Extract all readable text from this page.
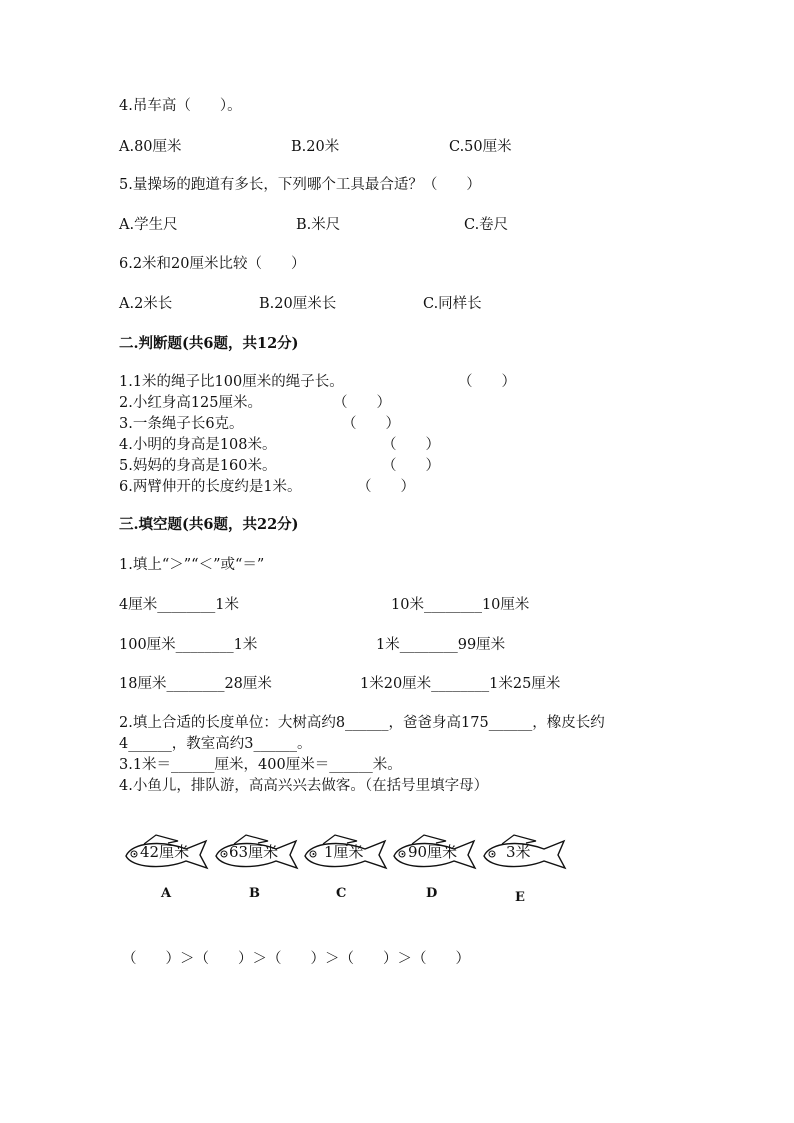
4.吊车高（　　）。
A.80厘米	B.20米	C.50厘米
5.量操场的跑道有多长，下列哪个工具最合适？（　　）
A.学生尺	B.米尺	C.卷尺
6.2米和20厘米比较（　　）
A.2米长	B.20厘米长	C.同样长
二.判断题(共6题，共12分)
1.1米的绳子比100厘米的绳子长。	（　　）
2.小红身高125厘米。	（　　）
3.一条绳子长6克。	（　　）
4.小明的身高是108米。	（　　）
5.妈妈的身高是160米。	（　　）
6.两臂伸开的长度约是1米。	（　　）
三.填空题(共6题，共22分)
1.填上“＞”“＜”或“＝”
4厘米________1米	10米________10厘米
100厘米________1米	1米________99厘米
18厘米________28厘米	1米20厘米________1米25厘米
2.填上合适的长度单位：大树高约8______，爸爸身高175______，橡皮长约
4______，教室高约3______。
3.1米＝______厘米，400厘米＝______米。
4.小鱼儿，排队游，高高兴兴去做客。（在括号里填字母）
42厘米	63厘米	1厘米	90厘米	3米
A	B	C	D	E
（　　）＞（　　）＞（　　）＞（　　）＞（　　）
